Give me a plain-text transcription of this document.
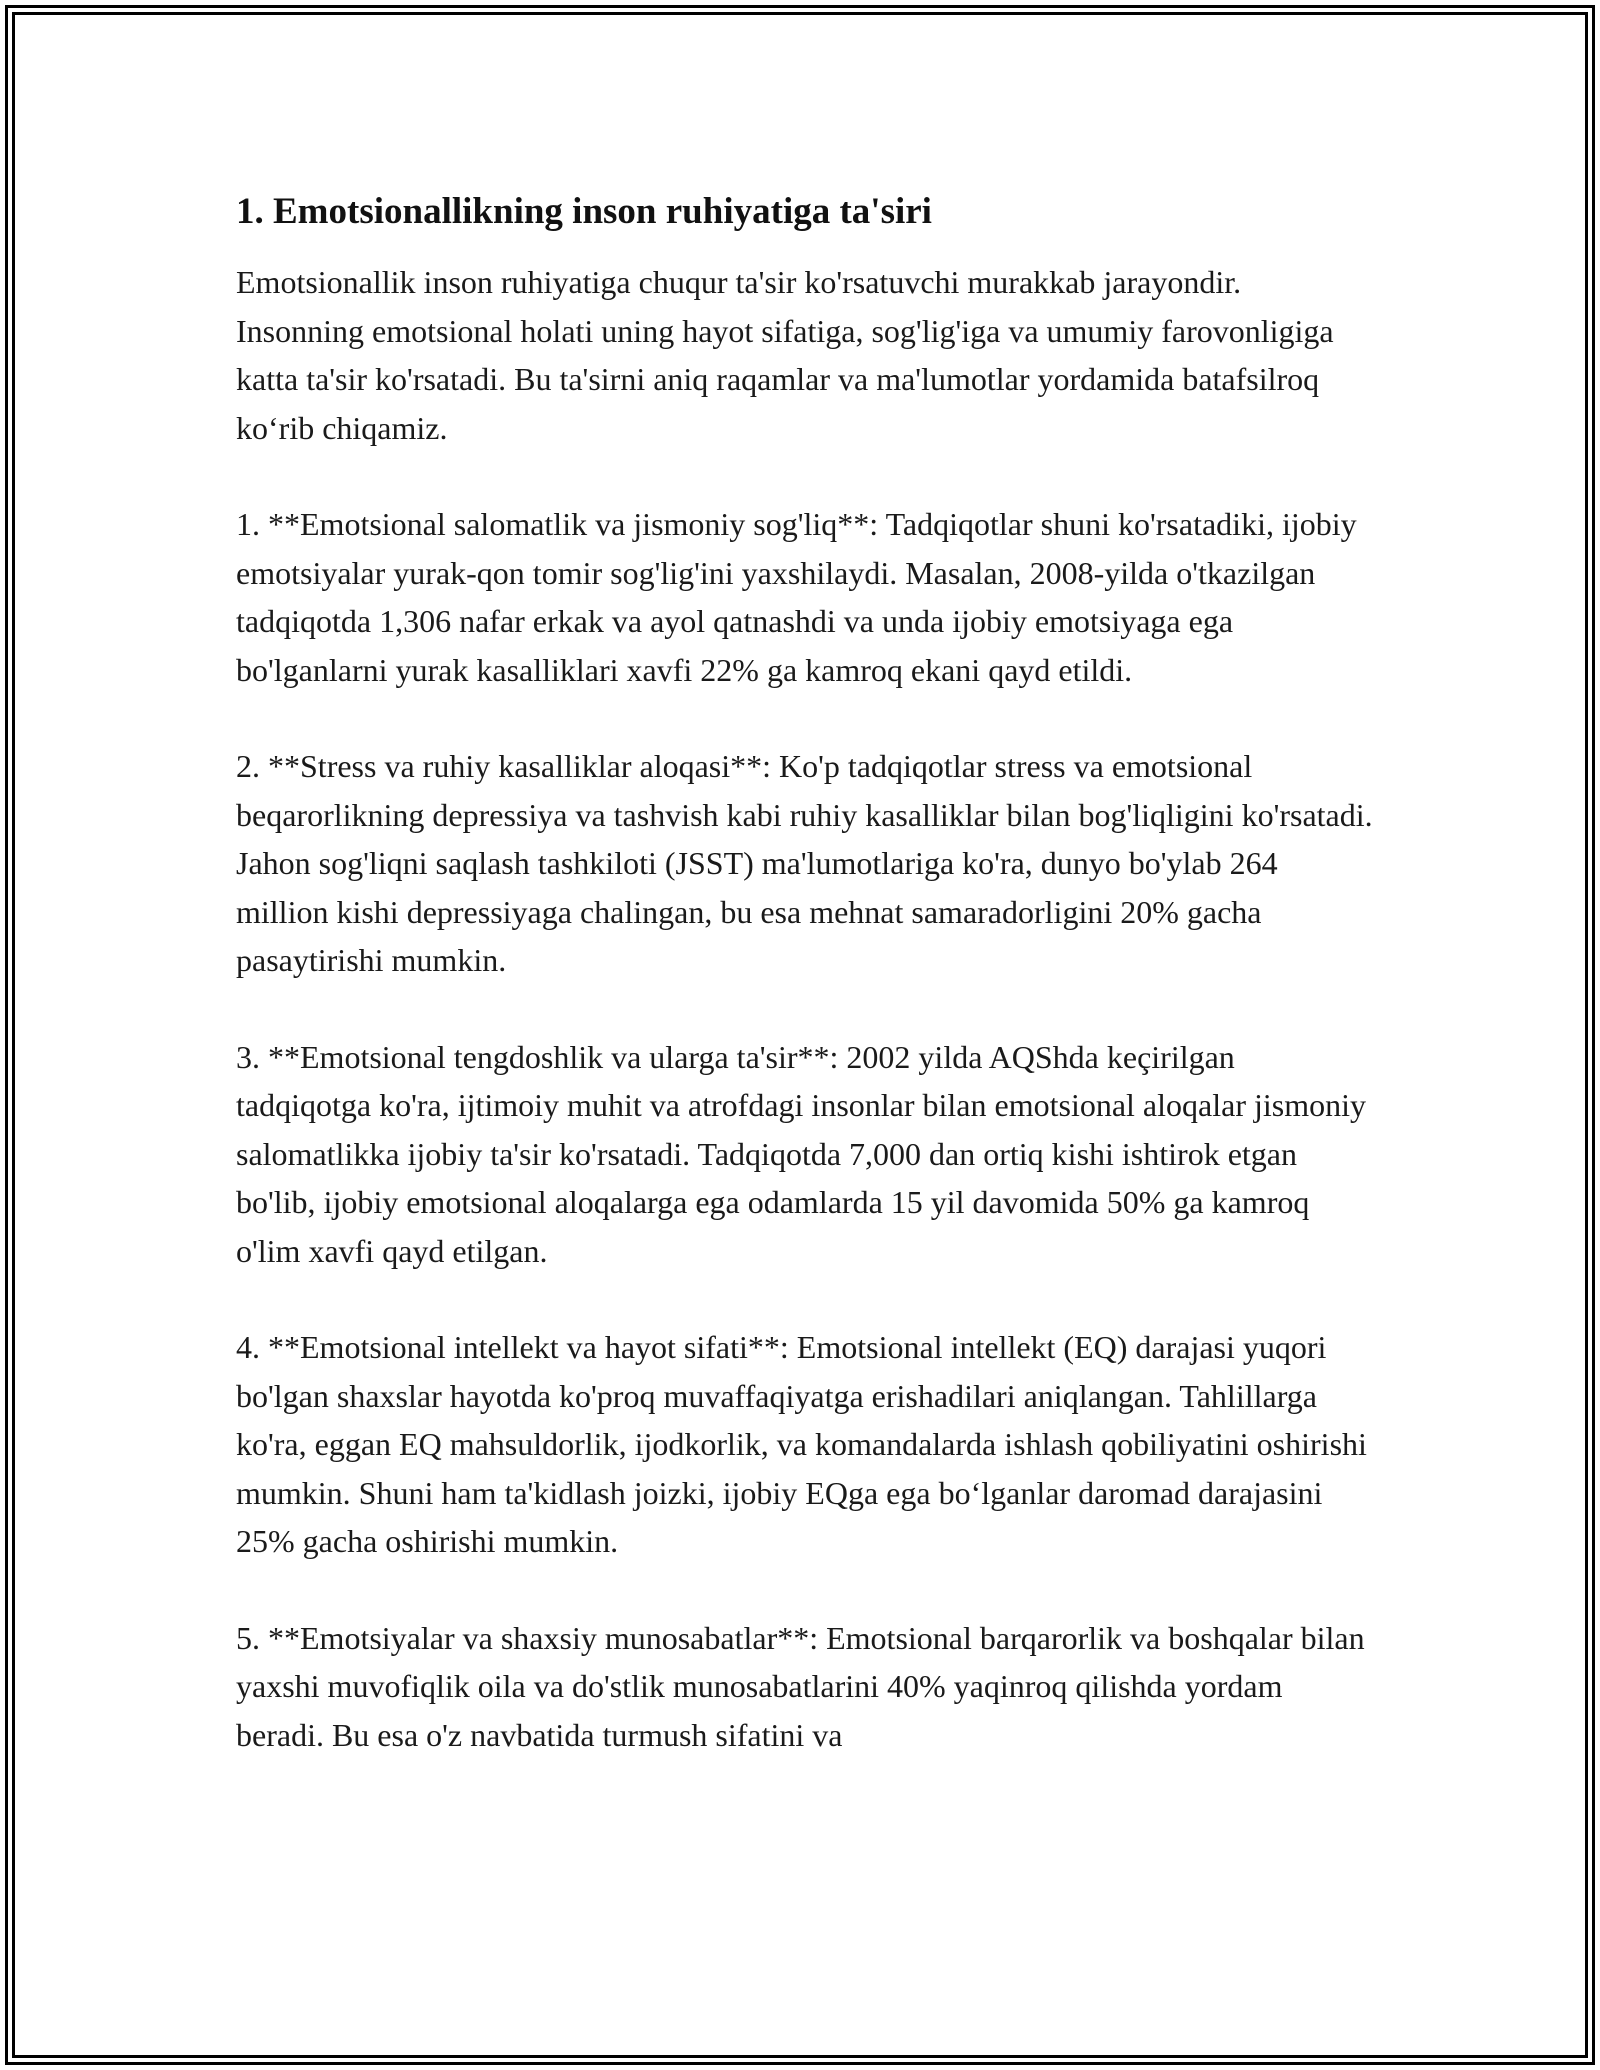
1. Emotsionallikning inson ruhiyatiga ta'siri

Emotsionallik inson ruhiyatiga chuqur ta'sir ko'rsatuvchi murakkab jarayondir. Insonning emotsional holati uning hayot sifatiga, sog'lig'iga va umumiy farovonligiga katta ta'sir ko'rsatadi. Bu ta'sirni aniq raqamlar va ma'lumotlar yordamida batafsilroq ko‘rib chiqamiz.

1. **Emotsional salomatlik va jismoniy sog'liq**: Tadqiqotlar shuni ko'rsatadiki, ijobiy emotsiyalar yurak-qon tomir sog'lig'ini yaxshilaydi. Masalan, 2008-yilda o'tkazilgan tadqiqotda 1,306 nafar erkak va ayol qatnashdi va unda ijobiy emotsiyaga ega bo'lganlarni yurak kasalliklari xavfi 22% ga kamroq ekani qayd etildi.

2. **Stress va ruhiy kasalliklar aloqasi**: Ko'p tadqiqotlar stress va emotsional beqarorlikning depressiya va tashvish kabi ruhiy kasalliklar bilan bog'liqligini ko'rsatadi. Jahon sog'liqni saqlash tashkiloti (JSST) ma'lumotlariga ko'ra, dunyo bo'ylab 264 million kishi depressiyaga chalingan, bu esa mehnat samaradorligini 20% gacha pasaytirishi mumkin.

3. **Emotsional tengdoshlik va ularga ta'sir**: 2002 yilda AQShda keçirilgan tadqiqotga ko'ra, ijtimoiy muhit va atrofdagi insonlar bilan emotsional aloqalar jismoniy salomatlikka ijobiy ta'sir ko'rsatadi. Tadqiqotda 7,000 dan ortiq kishi ishtirok etgan bo'lib, ijobiy emotsional aloqalarga ega odamlarda 15 yil davomida 50% ga kamroq o'lim xavfi qayd etilgan.

4. **Emotsional intellekt va hayot sifati**: Emotsional intellekt (EQ) darajasi yuqori bo'lgan shaxslar hayotda ko'proq muvaffaqiyatga erishadilari aniqlangan. Tahlillarga ko'ra, eggan EQ mahsuldorlik, ijodkorlik, va komandalarda ishlash qobiliyatini oshirishi mumkin. Shuni ham ta'kidlash joizki, ijobiy EQga ega bo‘lganlar daromad darajasini 25% gacha oshirishi mumkin.

5. **Emotsiyalar va shaxsiy munosabatlar**: Emotsional barqarorlik va boshqalar bilan yaxshi muvofiqlik oila va do'stlik munosabatlarini 40% yaqinroq qilishda yordam beradi. Bu esa o'z navbatida turmush sifatini va
